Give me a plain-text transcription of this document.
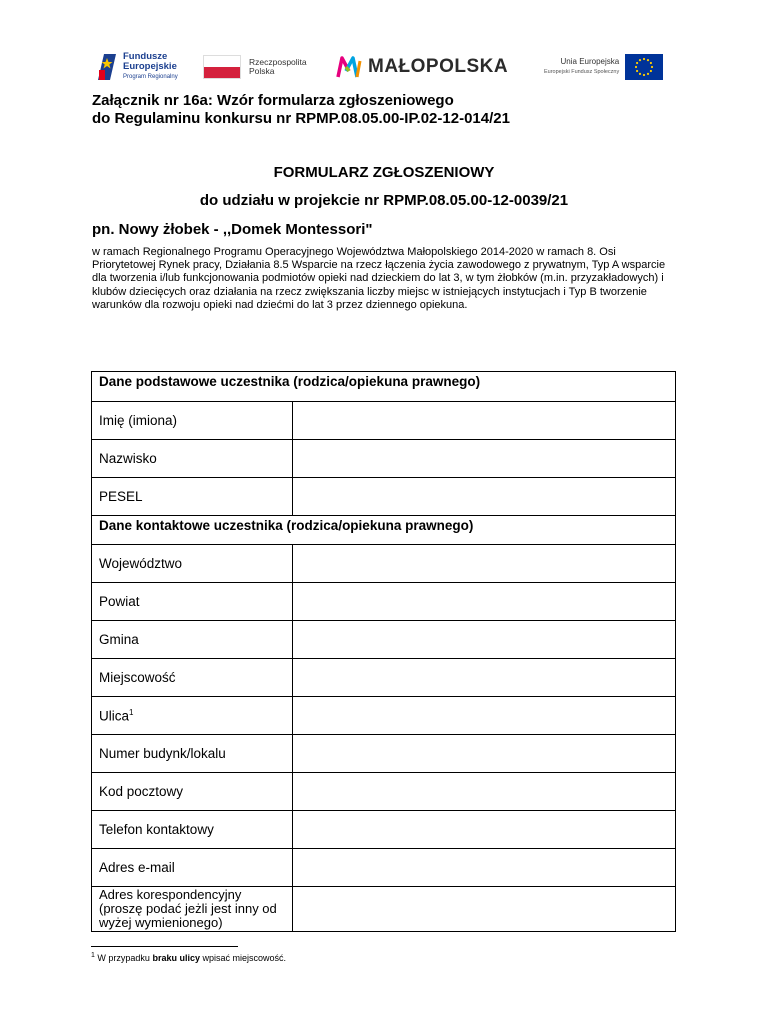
Fundusze
Europejskie
Program Regionalny
Rzeczpospolita
Polska	MAŁOPOLSKA	Unia Europejska
Europejski Fundusz Społeczny
Załącznik nr 16a: Wzór formularza zgłoszeniowego
do Regulaminu konkursu nr RPMP.08.05.00-IP.02-12-014/21
FORMULARZ ZGŁOSZENIOWY
do udziału w projekcie nr RPMP.08.05.00-12-0039/21
pn. Nowy żłobek - ,,Domek Montessori"
w ramach Regionalnego Programu Operacyjnego Województwa Małopolskiego 2014-2020 w ramach 8. Osi Priorytetowej Rynek pracy, Działania 8.5 Wsparcie na rzecz łączenia życia zawodowego z prywatnym, Typ A wsparcie dla tworzenia i/lub funkcjonowania podmiotów opieki nad dzieckiem do lat 3, w tym żłobków (m.in. przyzakładowych) i klubów dziecięcych oraz działania na rzecz zwiększania liczby miejsc w istniejących instytucjach i Typ B tworzenie warunków dla rozwoju opieki nad dziećmi do lat 3 przez dziennego opiekuna.
Dane podstawowe uczestnika (rodzica/opiekuna prawnego)	
Imię (imiona)	
Nazwisko	
PESEL	
Dane kontaktowe uczestnika (rodzica/opiekuna prawnego)	
Województwo	
Powiat	
Gmina	
Miejscowość	
Ulica$^1$	
Numer budynk/lokalu	
Kod pocztowy	
Telefon kontaktowy	
Adres e-mail	

Adres korespondencyjny
(proszę podać jeżli jest inny od
wyżej wymienionego)	

$^1$ W przypadku braku ulicy wpisać miejscowość.
